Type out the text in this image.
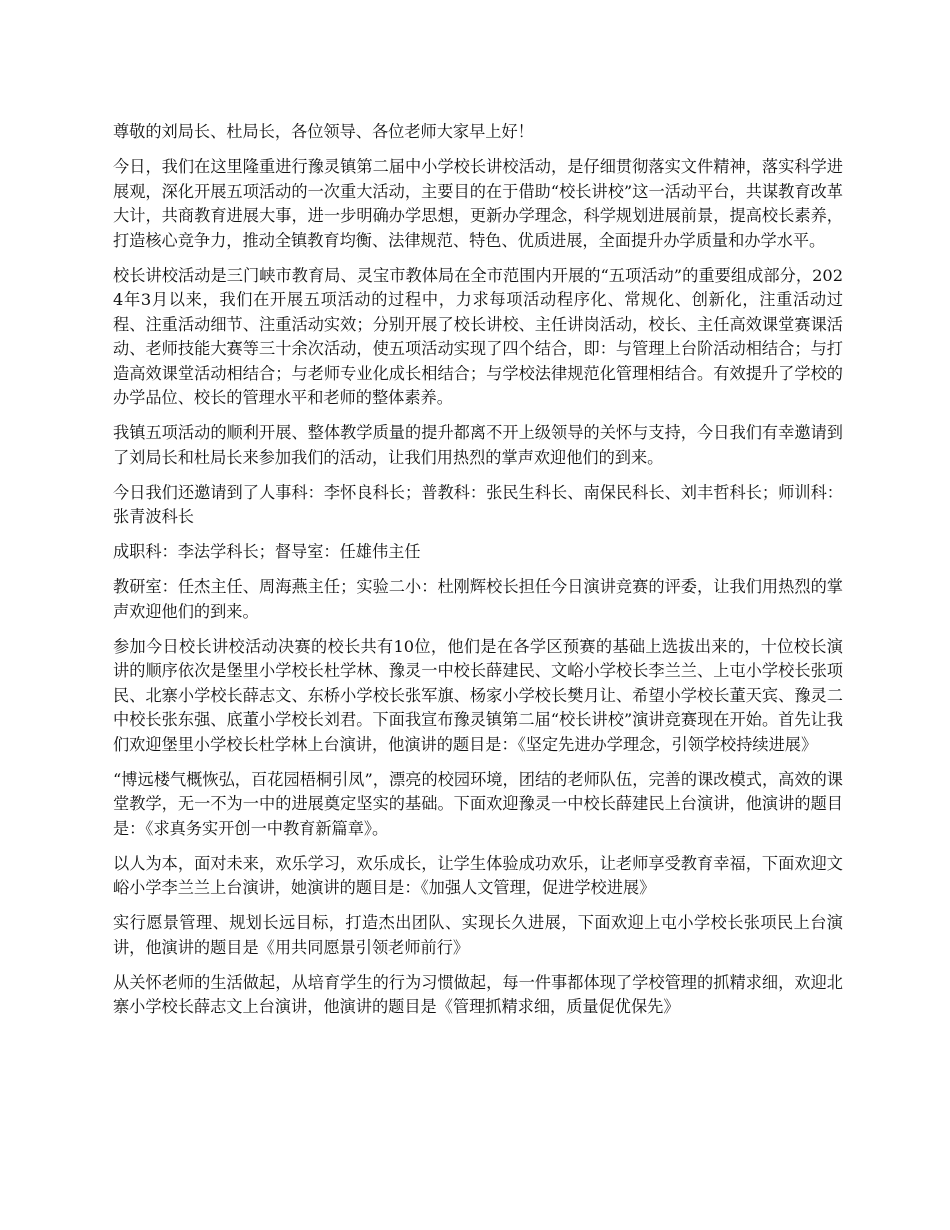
尊敬的刘局长、杜局长，各位领导、各位老师大家早上好！

今日，我们在这里隆重进行豫灵镇第二届中小学校长讲校活动，是仔细贯彻落实文件精神，落实科学进展观，深化开展五项活动的一次重大活动，主要目的在于借助“校长讲校”这一活动平台，共谋教育改革大计，共商教育进展大事，进一步明确办学思想，更新办学理念，科学规划进展前景，提高校长素养，打造核心竞争力，推动全镇教育均衡、法律规范、特色、优质进展，全面提升办学质量和办学水平。

校长讲校活动是三门峡市教育局、灵宝市教体局在全市范围内开展的“五项活动”的重要组成部分，2024年3月以来，我们在开展五项活动的过程中，力求每项活动程序化、常规化、创新化，注重活动过程、注重活动细节、注重活动实效；分别开展了校长讲校、主任讲岗活动，校长、主任高效课堂赛课活动、老师技能大赛等三十余次活动，使五项活动实现了四个结合，即：与管理上台阶活动相结合；与打造高效课堂活动相结合；与老师专业化成长相结合；与学校法律规范化管理相结合。有效提升了学校的办学品位、校长的管理水平和老师的整体素养。

我镇五项活动的顺利开展、整体教学质量的提升都离不开上级领导的关怀与支持，今日我们有幸邀请到了刘局长和杜局长来参加我们的活动，让我们用热烈的掌声欢迎他们的到来。

今日我们还邀请到了人事科：李怀良科长；普教科：张民生科长、南保民科长、刘丰哲科长；师训科：张青波科长

成职科：李法学科长；督导室：任雄伟主任

教研室：任杰主任、周海燕主任；实验二小：杜刚辉校长担任今日演讲竞赛的评委，让我们用热烈的掌声欢迎他们的到来。

参加今日校长讲校活动决赛的校长共有10位，他们是在各学区预赛的基础上选拔出来的，十位校长演讲的顺序依次是堡里小学校长杜学林、豫灵一中校长薛建民、文峪小学校长李兰兰、上屯小学校长张项民、北寨小学校长薛志文、东桥小学校长张军旗、杨家小学校长樊月让、希望小学校长董天宾、豫灵二中校长张东强、底董小学校长刘君。下面我宣布豫灵镇第二届“校长讲校”演讲竞赛现在开始。首先让我们欢迎堡里小学校长杜学林上台演讲，他演讲的题目是：《坚定先进办学理念，引领学校持续进展》

“博远楼气概恢弘，百花园梧桐引凤”，漂亮的校园环境，团结的老师队伍，完善的课改模式，高效的课堂教学，无一不为一中的进展奠定坚实的基础。下面欢迎豫灵一中校长薛建民上台演讲，他演讲的题目是：《求真务实开创一中教育新篇章》。

以人为本，面对未来，欢乐学习，欢乐成长，让学生体验成功欢乐，让老师享受教育幸福，下面欢迎文峪小学李兰兰上台演讲，她演讲的题目是：《加强人文管理，促进学校进展》

实行愿景管理、规划长远目标，打造杰出团队、实现长久进展，下面欢迎上屯小学校长张项民上台演讲，他演讲的题目是《用共同愿景引领老师前行》

从关怀老师的生活做起，从培育学生的行为习惯做起，每一件事都体现了学校管理的抓精求细，欢迎北寨小学校长薛志文上台演讲，他演讲的题目是《管理抓精求细，质量促优保先》
